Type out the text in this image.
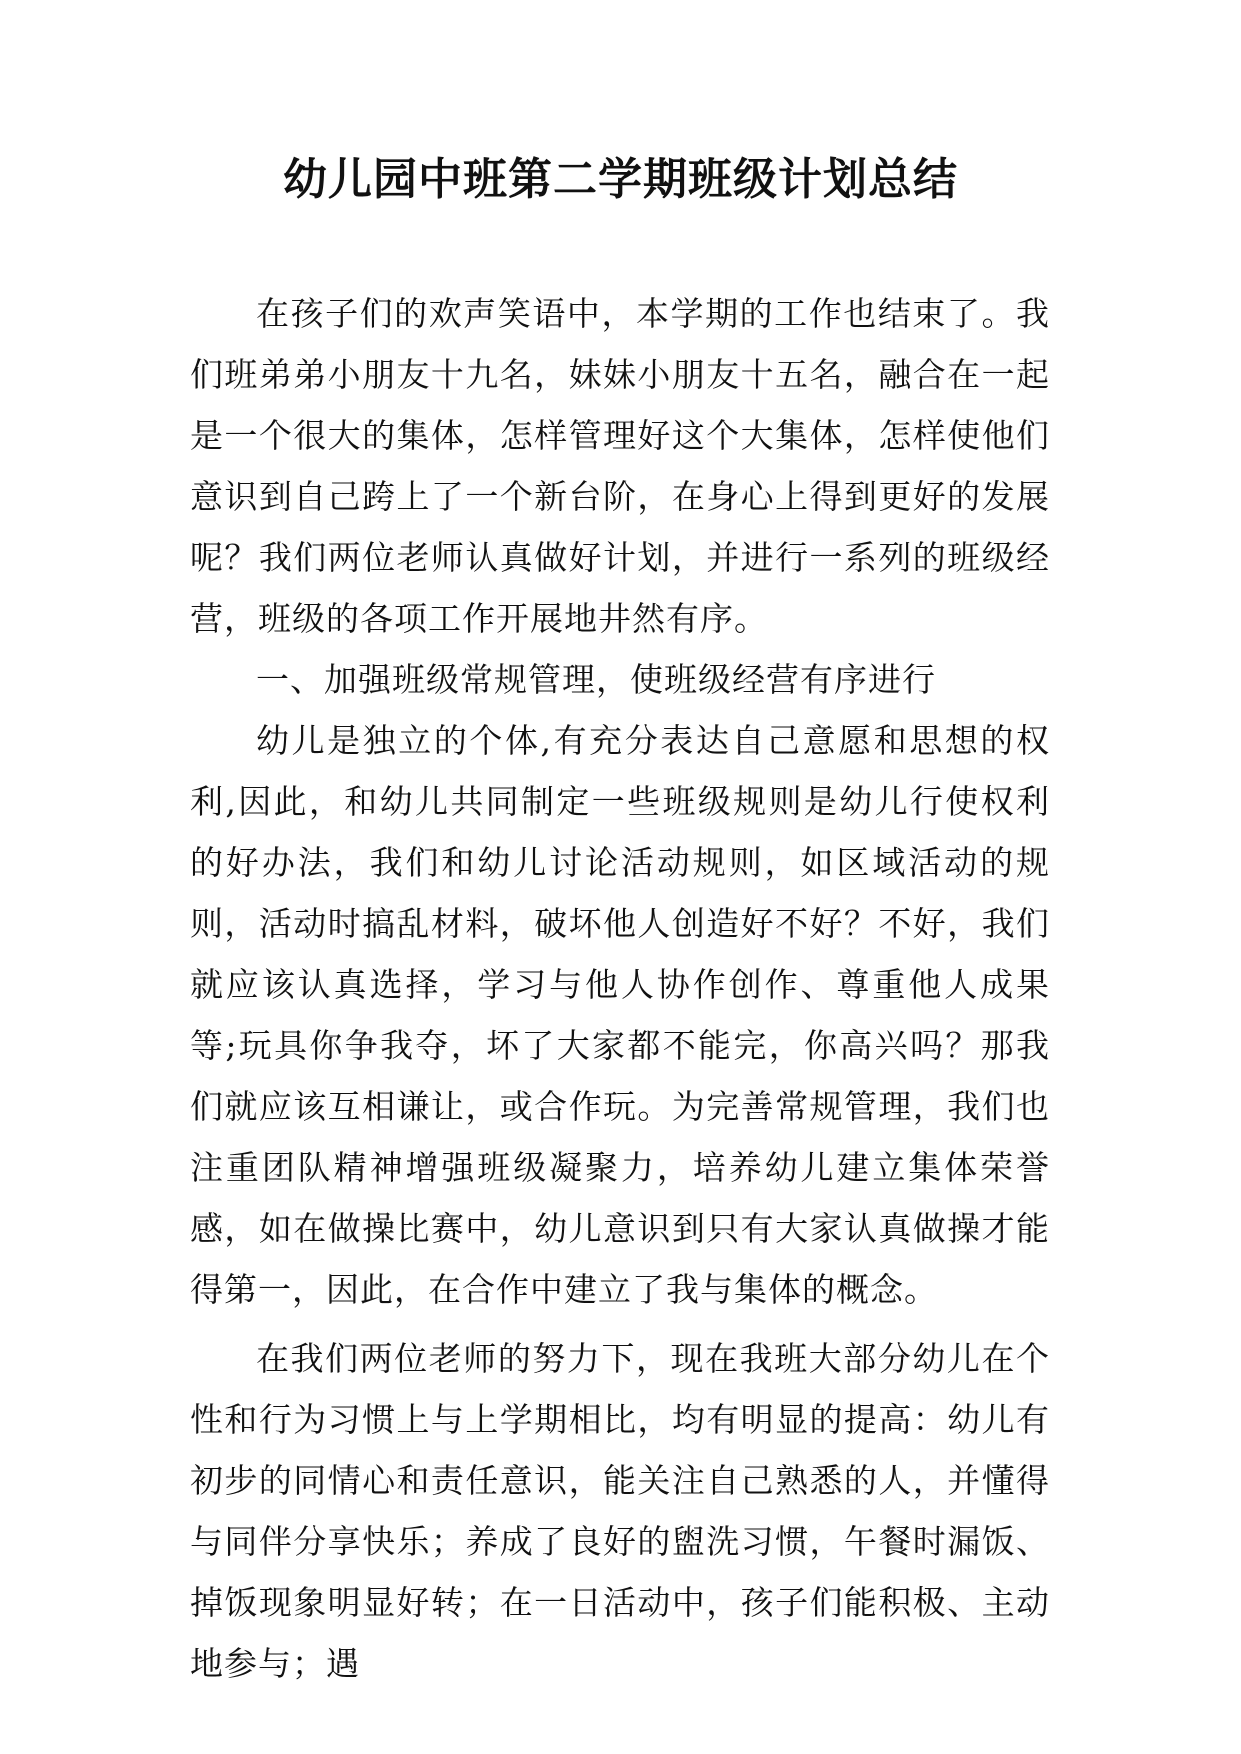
幼儿园中班第二学期班级计划总结

在孩子们的欢声笑语中，本学期的工作也结束了。我们班弟弟小朋友十九名，妹妹小朋友十五名，融合在一起是一个很大的集体，怎样管理好这个大集体，怎样使他们意识到自己跨上了一个新台阶，在身心上得到更好的发展呢？我们两位老师认真做好计划，并进行一系列的班级经营，班级的各项工作开展地井然有序。

一、加强班级常规管理，使班级经营有序进行

幼儿是独立的个体,有充分表达自己意愿和思想的权利,因此，和幼儿共同制定一些班级规则是幼儿行使权利的好办法，我们和幼儿讨论活动规则，如区域活动的规则，活动时搞乱材料，破坏他人创造好不好？不好，我们就应该认真选择，学习与他人协作创作、尊重他人成果等;玩具你争我夺，坏了大家都不能完，你高兴吗？那我们就应该互相谦让，或合作玩。为完善常规管理，我们也注重团队精神增强班级凝聚力，培养幼儿建立集体荣誉感，如在做操比赛中，幼儿意识到只有大家认真做操才能得第一，因此，在合作中建立了我与集体的概念。

在我们两位老师的努力下，现在我班大部分幼儿在个性和行为习惯上与上学期相比，均有明显的提高：幼儿有初步的同情心和责任意识，能关注自己熟悉的人，并懂得与同伴分享快乐；养成了良好的盥洗习惯，午餐时漏饭、掉饭现象明显好转；在一日活动中，孩子们能积极、主动地参与；遇
